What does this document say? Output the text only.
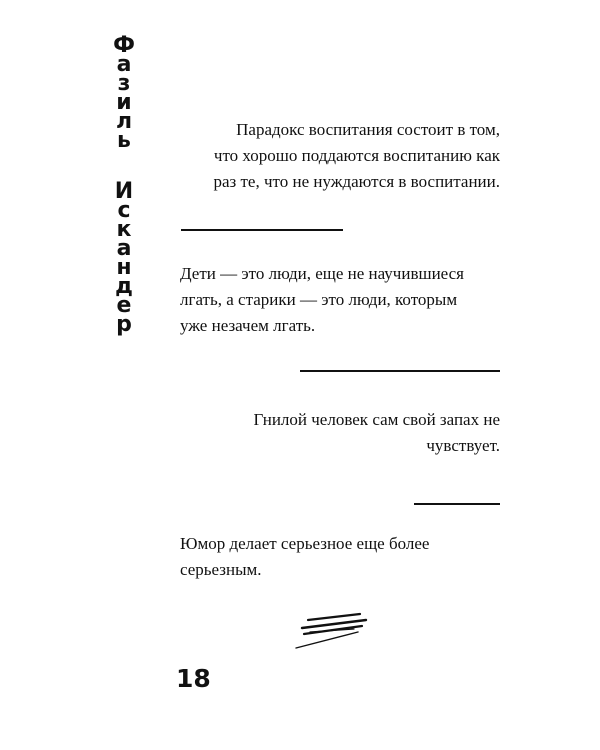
Ф
а
з
и
л
ь
И
с
к
а
н
д
е
р
Парадокс воспитания состоит в том,
что хорошо поддаются воспитанию как
раз те, что не нуждаются в воспитании.
Дети — это люди, еще не научившиеся
лгать, а старики — это люди, которым
уже незачем лгать.
Гнилой человек сам свой запах не
чувствует.
Юмор делает серьезное еще более
серьезным.
18
